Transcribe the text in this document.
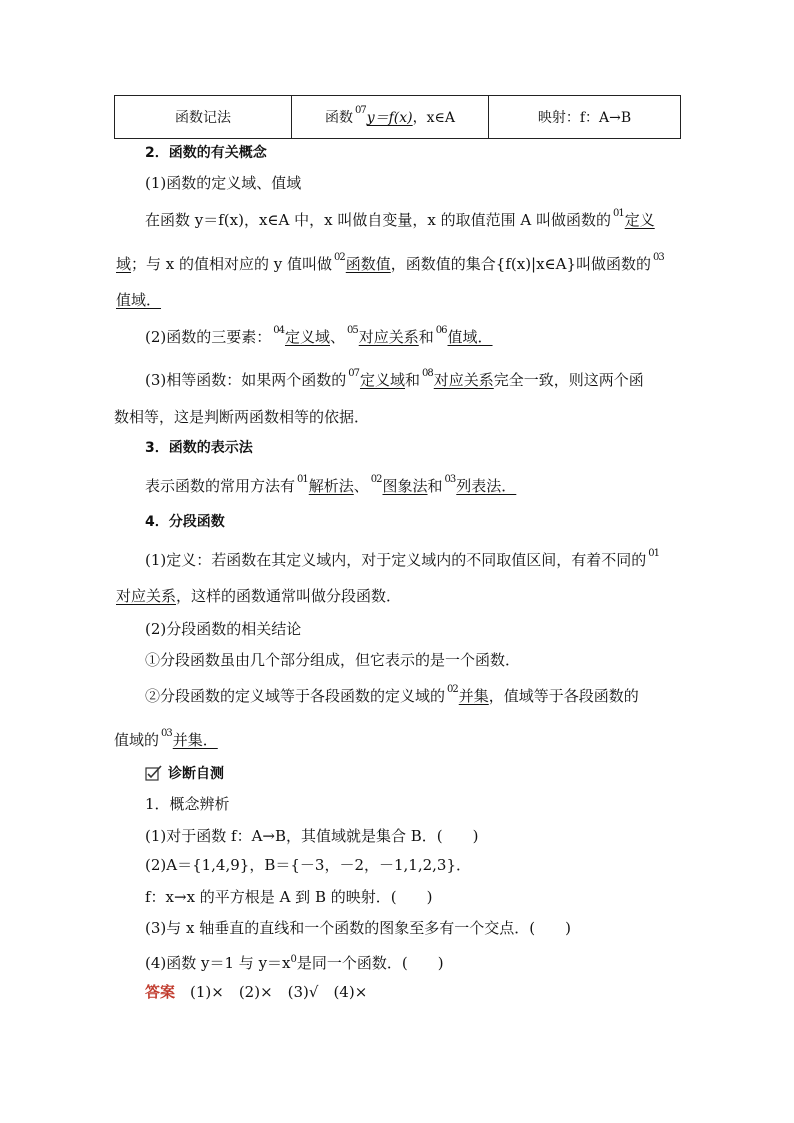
函数记法	函数 07y＝f(x)，x∈A	映射：f：A→B
2．函数的有关概念
(1)函数的定义域、值域
在函数 y＝f(x)，x∈A 中，x 叫做自变量，x 的取值范围 A 叫做函数的 01定义
域；与 x 的值相对应的 y 值叫做 02函数值，函数值的集合{f(x)|x∈A}叫做函数的 03
值域．
(2)函数的三要素： 04定义域、 05对应关系和 06值域．
(3)相等函数：如果两个函数的 07定义域和 08对应关系完全一致，则这两个函
数相等，这是判断两函数相等的依据．
3．函数的表示法
表示函数的常用方法有 01解析法、 02图象法和 03列表法．
4．分段函数
(1)定义：若函数在其定义域内，对于定义域内的不同取值区间，有着不同的 01
对应关系，这样的函数通常叫做分段函数．
(2)分段函数的相关结论
①分段函数虽由几个部分组成，但它表示的是一个函数．
②分段函数的定义域等于各段函数的定义域的 02并集，值域等于各段函数的
值域的 03并集．
诊断自测
1．概念辨析
(1)对于函数 f：A→B，其值域就是集合 B．(　　)
(2)A＝{1,4,9}，B＝{－3，－2，－1,1,2,3}．
f：x→x 的平方根是 A 到 B 的映射．(　　)
(3)与 x 轴垂直的直线和一个函数的图象至多有一个交点．(　　)
(4)函数 y＝1 与 $y=x^0$是同一个函数．(　　)
答案　(1)×　(2)×　(3)√　(4)×
